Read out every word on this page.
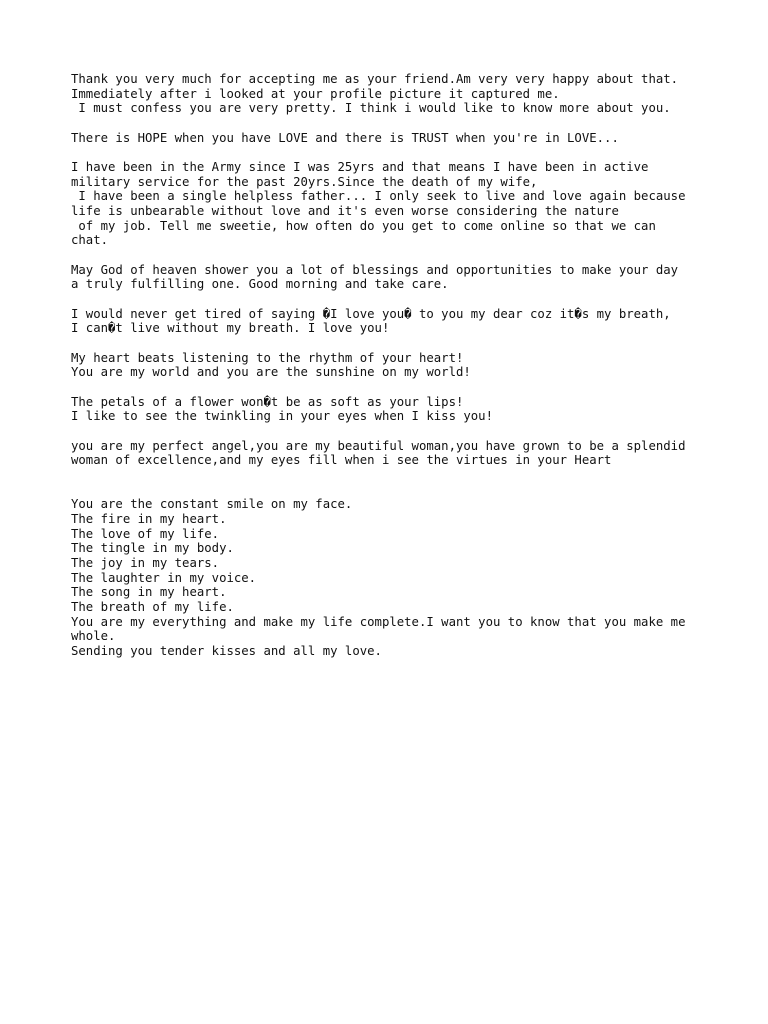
Thank you very much for accepting me as your friend.Am very very happy about that.
Immediately after i looked at your profile picture it captured me.
I must confess you are very pretty. I think i would like to know more about you.
There is HOPE when you have LOVE and there is TRUST when you're in LOVE...
I have been in the Army since I was 25yrs and that means I have been in active
military service for the past 20yrs.Since the death of my wife,
I have been a single helpless father... I only seek to live and love again because
life is unbearable without love and it's even worse considering the nature
of my job. Tell me sweetie, how often do you get to come online so that we can
chat.
May God of heaven shower you a lot of blessings and opportunities to make your day
a truly fulfilling one. Good morning and take care.
I would never get tired of saying �I love you� to you my dear coz it�s my breath,
I can�t live without my breath. I love you!
My heart beats listening to the rhythm of your heart!
You are my world and you are the sunshine on my world!
The petals of a flower won�t be as soft as your lips!
I like to see the twinkling in your eyes when I kiss you!
you are my perfect angel,you are my beautiful woman,you have grown to be a splendid
woman of excellence,and my eyes fill when i see the virtues in your Heart
You are the constant smile on my face.
The fire in my heart.
The love of my life.
The tingle in my body.
The joy in my tears.
The laughter in my voice.
The song in my heart.
The breath of my life.
You are my everything and make my life complete.I want you to know that you make me
whole.
Sending you tender kisses and all my love.
